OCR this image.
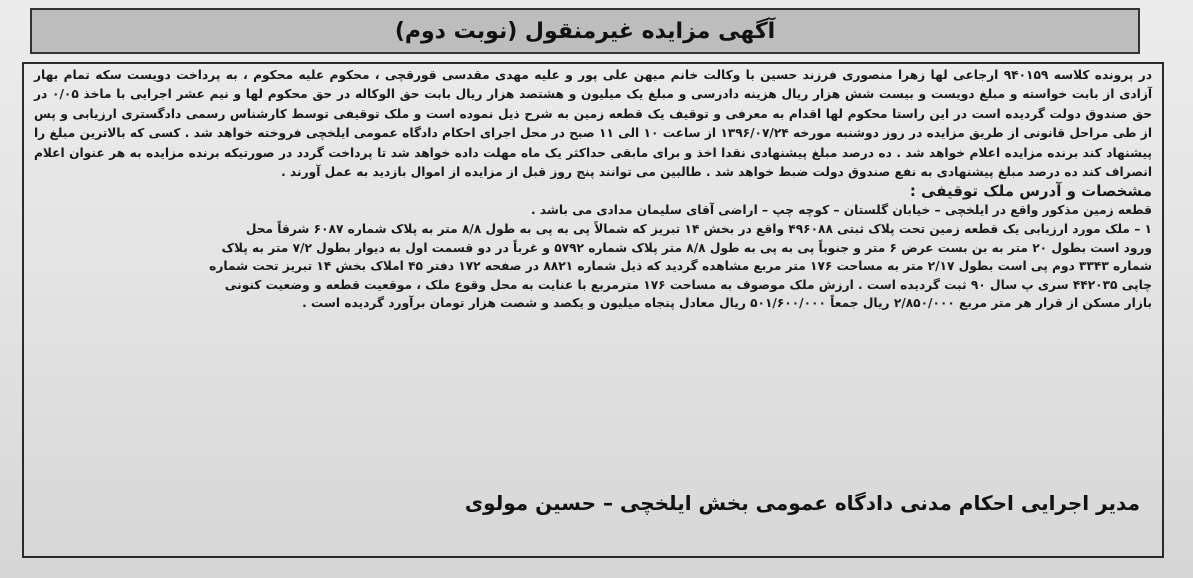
آگهی مزایده غیرمنقول (نوبت دوم)

در پرونده کلاسه ۹۴۰۱۵۹ ارجاعی لها زهرا منصوری فرزند حسین با وکالت خانم میهن علی پور و علیه مهدی مقدسی قورقچی ، محکوم علیه محکوم ، به پرداخت دویست سکه تمام بهار آزادی از بابت خواسته و مبلغ دویست و بیست شش هزار ریال هزینه دادرسی و مبلغ یک میلیون و هشتصد هزار ریال بابت حق الوکاله در حق محکوم لها و نیم عشر اجرایی با ماخذ ۰/۰۵ در حق صندوق دولت گردیده است در این راستا محکوم لها اقدام به معرفی و توقیف یک قطعه زمین به شرح ذیل نموده است و ملک توقیفی توسط کارشناس رسمی دادگستری ارزیابی و پس از طی مراحل قانونی از طریق مزایده در روز دوشنبه مورخه ۱۳۹۶/۰۷/۲۴ از ساعت ۱۰ الی ۱۱ صبح در محل اجرای احکام دادگاه عمومی ایلخچی فروخته خواهد شد . کسی که بالاترین مبلغ را پیشنهاد کند برنده مزایده اعلام خواهد شد . ده درصد مبلغ پیشنهادی نقدا اخذ و برای مابقی حداکثر یک ماه مهلت داده خواهد شد تا پرداخت گردد در صورتیکه برنده مزایده به هر عنوان اعلام انصراف کند ده درصد مبلغ پیشنهادی به نفع صندوق دولت ضبط خواهد شد . طالبین می توانند پنج روز قبل از مزایده از اموال بازدید به عمل آورند .

مشخصات و آدرس ملک توقیفی :

قطعه زمین مذکور واقع در ایلخچی – خیابان گلستان – کوچه چپ – اراضی آقای سلیمان مدادی می باشد .

۱ – ملک مورد ارزیابی یک قطعه زمین تحت پلاک ثبتی ۴۹۶۰۸۸ واقع در بخش ۱۴ تبریز که شمالاً پی به پی به طول ۸/۸ متر به پلاک شماره ۶۰۸۷ شرقاً محل

ورود است بطول ۲۰ متر به بن بست عرض ۶ متر و جنوباً پی به پی به طول ۸/۸ متر پلاک شماره ۵۷۹۲ و غرباً در دو قسمت اول به دیوار بطول ۷/۲ متر به پلاک

شماره ۳۳۴۳ دوم پی است بطول ۲/۱۷ متر به مساحت ۱۷۶ متر مربع مشاهده گردید که ذیل شماره ۸۸۲۱ در صفحه ۱۷۲ دفتر ۴۵ املاک بخش ۱۴ تبریز تحت شماره

چاپی ۴۴۲۰۳۵ سری پ سال ۹۰ ثبت گردیده است . ارزش ملک موصوف به مساحت ۱۷۶ مترمربع با عنایت به محل وقوع ملک ، موقعیت قطعه و وضعیت کنونی

بازار مسکن از قرار هر متر مربع ۲/۸۵۰/۰۰۰ ریال جمعاً ۵۰۱/۶۰۰/۰۰۰ ریال معادل پنجاه میلیون و یکصد و شصت هزار تومان برآورد گردیده است .

مدیر اجرایی احکام مدنی دادگاه عمومی بخش ایلخچی – حسین مولوی
